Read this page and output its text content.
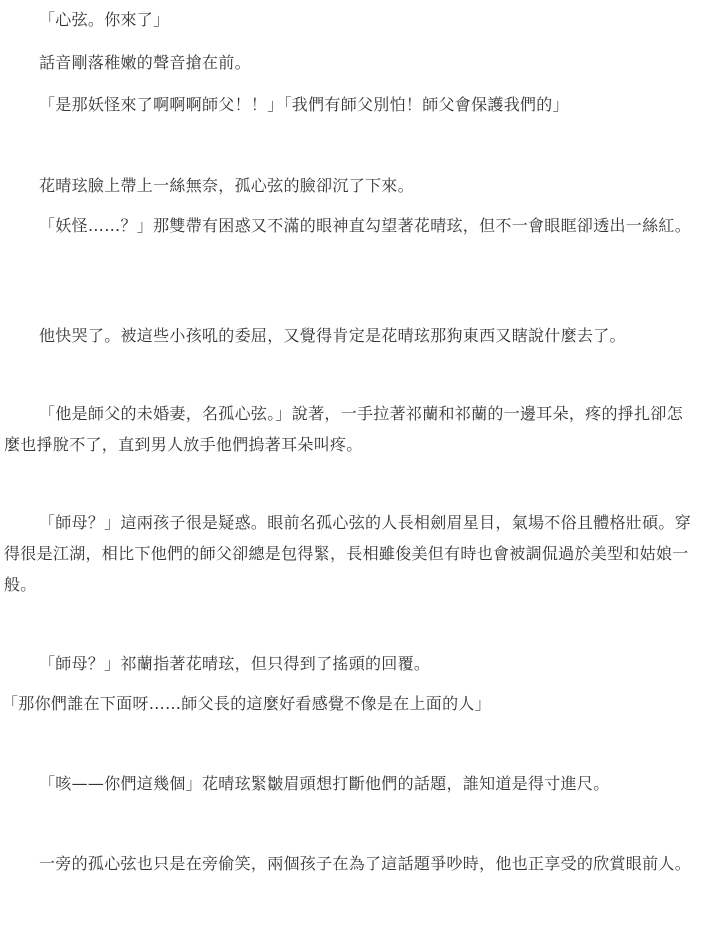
「心弦。你來了」

話音剛落稚嫩的聲音搶在前。

「是那妖怪來了啊啊啊師父！！」「我們有師父別怕！師父會保護我們的」

花晴玹臉上帶上一絲無奈，孤心弦的臉卻沉了下來。

「妖怪……？」那雙帶有困惑又不滿的眼神直勾望著花晴玹，但不一會眼眶卻透出一絲紅。

他快哭了。被這些小孩吼的委屈，又覺得肯定是花晴玹那狗東西又瞎說什麼去了。

「他是師父的未婚妻，名孤心弦。」說著，一手拉著祁蘭和祁蘭的一邊耳朵，疼的掙扎卻怎麼也掙脫不了，直到男人放手他們摀著耳朵叫疼。

「師母？」這兩孩子很是疑惑。眼前名孤心弦的人長相劍眉星目，氣場不俗且體格壯碩。穿得很是江湖，相比下他們的師父卻總是包得緊，長相雖俊美但有時也會被調侃過於美型和姑娘一般。

「師母？」祁蘭指著花晴玹，但只得到了搖頭的回覆。

「那你們誰在下面呀……師父長的這麼好看感覺不像是在上面的人」

「咳——你們這幾個」花晴玹緊皺眉頭想打斷他們的話題，誰知道是得寸進尺。

一旁的孤心弦也只是在旁偷笑，兩個孩子在為了這話題爭吵時，他也正享受的欣賞眼前人。
